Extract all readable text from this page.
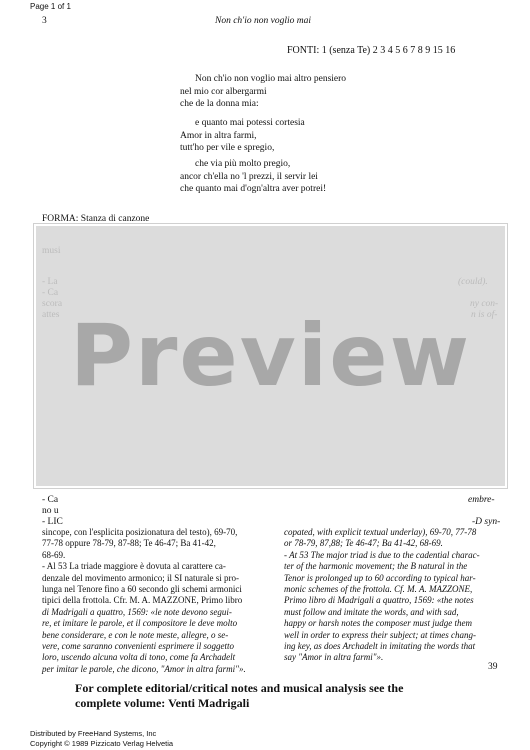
Page 1 of 1
3	Non ch'io non voglio mai
FONTI: 1 (senza Te) 2 3 4 5 6 7 8 9 15 16
Non ch'io non voglio mai altro pensiero
nel mio cor albergarmi
che de la donna mia:
e quanto mai potessi cortesia
Amor in altra farmi,
tutt'ho per vile e spregio,
che via più molto pregio,
ancor ch'ella no 'l prezzi, il servir lei
che quanto mai d'ogn'altra aver potrei!
FORMA: Stanza di canzone
- Ca
no u
- LIC
embre-
-D syn-
sincope, con l'esplicita posizionatura del testo), 69-70,
77-78 oppure 78-79, 87-88; Te 46-47; Ba 41-42,
68-69.
- Al 53 La triade maggiore è dovuta al carattere ca-
denzale del movimento armonico; il SI naturale si pro-
lunga nel Tenore fino a 60 secondo gli schemi armonici
tipici della frottola. Cfr. M. A. MAZZONE, Primo libro
di Madrigali a quattro, 1569: «le note devono segui-
re, et imitare le parole, et il compositore le deve molto
bene considerare, e con le note meste, allegre, o se-
vere, come saranno convenienti esprimere il soggetto
loro, uscendo alcuna volta di tono, come fa Archadelt
per imitar le parole, che dicono, "Amor in altra farmi"».
copated, with explicit textual underlay), 69-70, 77-78
or 78-79, 87,88; Te 46-47; Ba 41-42, 68-69.
- At 53 The major triad is due to the cadential charac-
ter of the harmonic movement; the B natural in the
Tenor is prolonged up to 60 according to typical har-
monic schemes of the frottola. Cf. M. A. MAZZONE,
Primo libro di Madrigali a quattro, 1569: «the notes
must follow and imitate the words, and with sad,
happy or harsh notes the composer must judge them
well in order to express their subject; at times chang-
ing key, as does Archadelt in imitating the words that
say "Amor in altra farmi"».
Preview
39
For complete editorial/critical notes and musical analysis see the
complete volume: Venti Madrigali
Distributed by FreeHand Systems, Inc
Copyright © 1989 Pizzicato Verlag Helvetia
